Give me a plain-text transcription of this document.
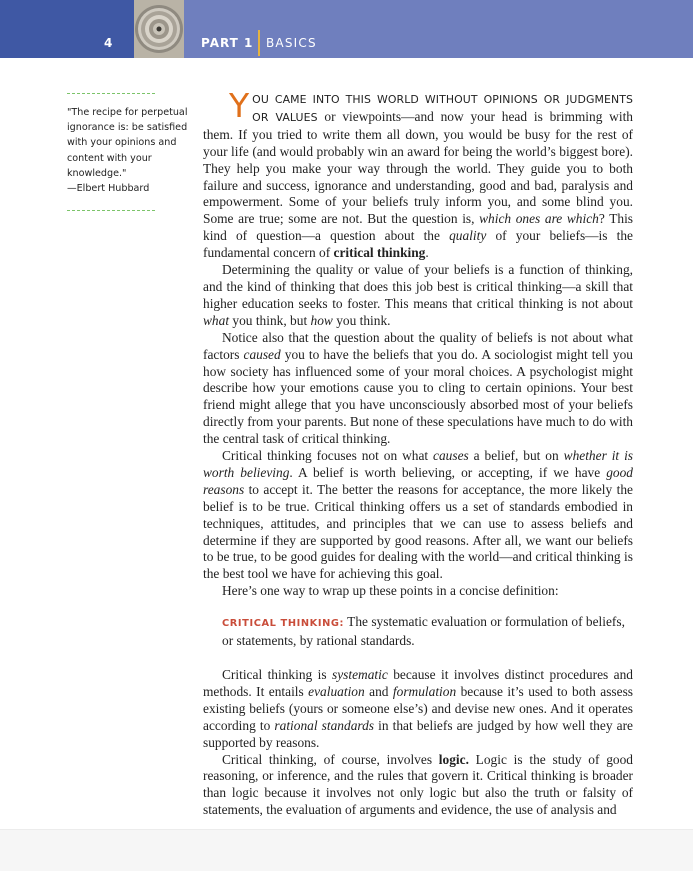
4	PART 1 BASICS
"The recipe for perpetual ignorance is: be satisfied with your opinions and content with your knowledge."
—Elbert Hubbard

YOU CAME INTO THIS WORLD WITHOUT OPINIONS OR JUDGMENTS OR VALUES or viewpoints—and now your head is brimming with them. If you tried to write them all down, you would be busy for the rest of your life (and would probably win an award for being the world’s biggest bore). They help you make your way through the world. They guide you to both failure and success, ignorance and understanding, good and bad, paralysis and empowerment. Some of your beliefs truly inform you, and some blind you. Some are true; some are not. But the question is, which ones are which? This kind of question—a question about the quality of your beliefs—is the fundamental concern of critical thinking.

Determining the quality or value of your beliefs is a function of thinking, and the kind of thinking that does this job best is critical thinking—a skill that higher education seeks to foster. This means that critical thinking is not about what you think, but how you think.

Notice also that the question about the quality of beliefs is not about what factors caused you to have the beliefs that you do. A sociologist might tell you how society has influenced some of your moral choices. A psychologist might describe how your emotions cause you to cling to certain opinions. Your best friend might allege that you have unconsciously absorbed most of your beliefs directly from your parents. But none of these speculations have much to do with the central task of critical thinking.

Critical thinking focuses not on what causes a belief, but on whether it is worth believing. A belief is worth believing, or accepting, if we have good reasons to accept it. The better the reasons for acceptance, the more likely the belief is to be true. Critical thinking offers us a set of standards embodied in techniques, attitudes, and principles that we can use to assess beliefs and determine if they are supported by good reasons. After all, we want our beliefs to be true, to be good guides for dealing with the world—and critical thinking is the best tool we have for achieving this goal.

Here’s one way to wrap up these points in a concise definition:

CRITICAL THINKING: The systematic evaluation or formulation of beliefs, or statements, by rational standards.

Critical thinking is systematic because it involves distinct procedures and methods. It entails evaluation and formulation because it’s used to both assess existing beliefs (yours or someone else’s) and devise new ones. And it operates according to rational standards in that beliefs are judged by how well they are supported by reasons.

Critical thinking, of course, involves logic. Logic is the study of good reasoning, or inference, and the rules that govern it. Critical thinking is broader than logic because it involves not only logic but also the truth or falsity of statements, the evaluation of arguments and evidence, the use of analysis and
